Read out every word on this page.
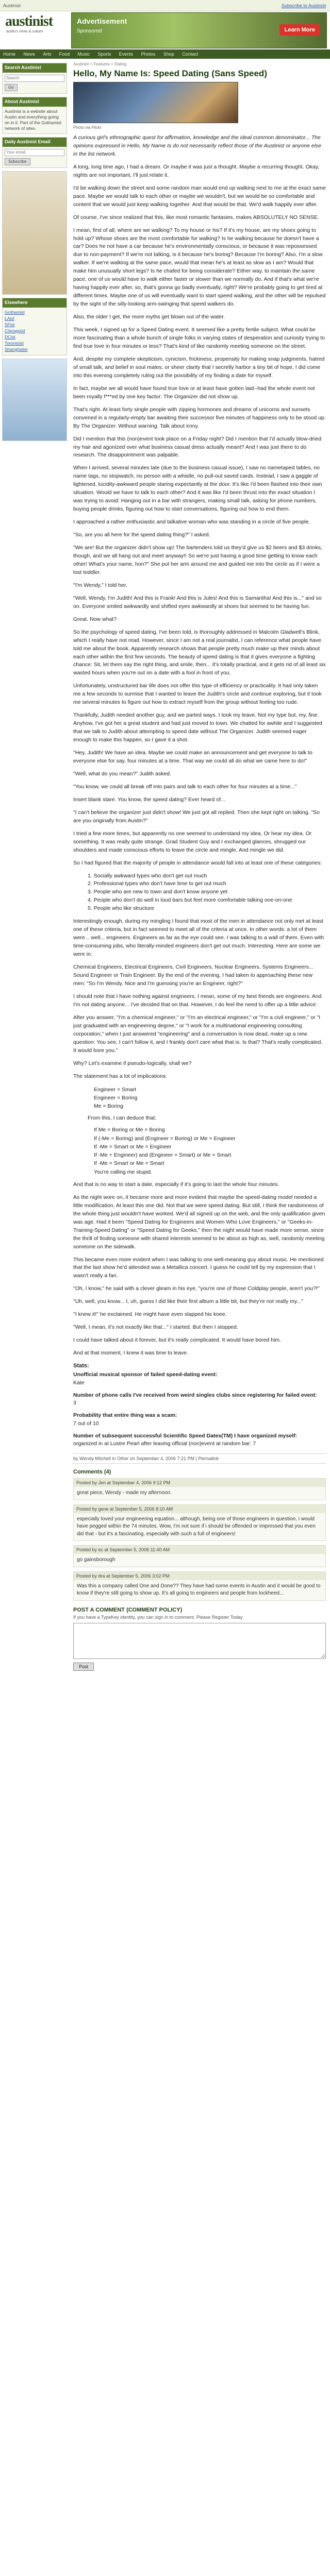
Austinist	Subscribe to Austinist
austinist
austin's news & culture
Advertisement
Sponsored	Learn More
Home News Arts Food Music Sports Events Photos Shop Contact
Search Austinist
Search Go
About Austinist
Austinist is a website about Austin and everything going on in it. Part of the Gothamist network of sites.
Daily Austinist Email
Your email Subscribe
Elsewhere
Gothamist
LAist
SFist
Chicagoist
DCist
Torontoist
Shanghaiist
Austinist > Features > Dating
Hello, My Name Is: Speed Dating (Sans Speed)
Photo via Flickr

A curious girl's ethnographic quest for affirmation, knowledge and the ideal common denominator... The opinions expressed in Hello, My Name Is do not necessarily reflect those of the Austinist or anyone else in the list network.

A long, long time ago, I had a dream. Or maybe it was just a thought. Maybe a recurring thought. Okay, nights are not important, I'll just relate it.

I'd be walking down the street and some random man would end up walking next to me at the exact same pace. Maybe we would talk to each other or maybe we wouldn't, but we would be so comfortable and content that we would just keep walking together. And that would be that. We'd walk happily ever after.

Of course, I've since realized that this, like most romantic fantasies, makes ABSOLUTELY NO SENSE.

I mean, first of all, where are we walking? To my house or his? If it's my house, are my shoes going to hold up? Whose shoes are the most comfortable for walking? Is he walking because he doesn't have a car? Does he not have a car because he's environmentally conscious, or because it was repossessed due to non-payment? If we're not talking, is it because he's boring? Because I'm boring? Also, I'm a slow walker. If we're walking at the same pace, would that mean he's at least as slow as I am? Would that make him unusually short legs? Is he chafed for being considerate? Either way, to maintain the same pace, one of us would have to walk either faster or slower than we normally do. And if that's what we're having happily ever after, so, that's gonna go badly eventually, right? We're probably going to get tired at different times. Maybe one of us will eventually want to start speed walking, and the other will be repulsed by the sight of the silly-looking arm-swinging that speed walkers do.

Also, the older I get, the more myths get blown out of the water.

This week, I signed up for a Speed Dating event. It seemed like a pretty fertile subject. What could be more fascinating than a whole bunch of single folks in varying states of desperation and curiosity trying to find true love in four minutes or less? That's kind of like randomly meeting someone on the street.

And, despite my complete skepticism, cynicism, frickiness, propensity for making snap judgments, hatred of small talk, and belief in soul mates, or sheer clarity that I secretly harbor a tiny bit of hope, I did come into this evening completely ruling out the possibility of my finding a date for myself.

In fact, maybe we all would have found true love or at least have gotten laid--had the whole event not been royally f***ed by one key factor: The Organizer did not show up.

That's right. At least forty single people with zipping hormones and dreams of unicorns and sunsets convened in a regularly-empty bar awaiting their successor five minutes of happiness only to be stood up. By The Organizer. Without warning. Talk about irony.

Did I mention that this (non)event took place on a Friday night? Did I mention that I'd actually blow-dried my hair and agonized over what business casual dress actually meant? And I was just there to do research. The disappointment was palpable.

When I arrived, several minutes late (due to the business casual issue), I saw no nametaped tables, no name tags, no stopwatch, no person with a whistle, no pull-out saved cards. Instead, I saw a gaggle of lightened, lucidity-awkward people staring expectantly at the door. It's like I'd been flashed into their own situation. Would we have to talk to each other? And it was like I'd been thrust into the exact situation I was trying to avoid: Hanging out in a bar with strangers, making small talk, asking for phone numbers, buying people drinks, figuring out how to start conversations, figuring out how to end them.

I approached a rather enthusiastic and talkative woman who was standing in a circle of five people.

"So, are you all here for the speed dating thing?" I asked.

"We are! But the organizer didn't show up! The bartenders told us they'd give us $2 beers and $3 drinks, though, and we all hang out and meet anyway!! So we're just having a good time getting to know each other! What's your name, hon?" She put her arm around me and guided me into the circle as if I were a lost toddler.

"I'm Wendy," I told her.

"Well, Wendy, I'm Judith! And this is Frank! And this is Jules! And this is Samantha! And this is..." and so on. Everyone smiled awkwardly and shifted eyes awkwardly at shoes but seemed to be having fun.

Great. Now what?

So the psychology of speed dating, I've been told, is thoroughly addressed in Malcolm Gladwell's Blink, which I really have not read. However, since I am not a real journalist, I can reference what people have told me about the book. Apparently research shows that people pretty much make up their minds about each other within the first few seconds. The beauty of speed dating is that it gives everyone a fighting chance: Sit, let them say the right thing, and smile, then... It's totally practical, and it gets rid of all least six wasted hours when you're out on a date with a fool in front of you.

Unfortunately, unstructured bar life does not offer this type of efficiency or practicality. It had only taken me a few seconds to surmise that I wanted to leave the Judith's circle and continue exploring, but it took me several minutes to figure out how to extract myself from the group without feeling too rude.

Thankfully, Judith needed another guy, and we parted ways. I took my leave. Not my type but, my, fine. Anyhow, I've got her a great student and had just moved to town. We chatted for awhile and I suggested that we talk to Judith about attempting to speed date without The Organizer. Judith seemed eager enough to make this happen, so I gave it a shot.

"Hey, Judith! We have an idea. Maybe we could make an announcement and get everyone to talk to everyone else for say, four minutes at a time. That way we could all do what we came here to do!"

"Well, what do you mean?" Judith asked.

"You know, we could all break off into pairs and talk to each other for four minutes at a time..."

Insert blank stare. You know, the speed dating? Ever heard of...

"I can't believe the organizer just didn't show! We just got all replied. Then she kept right on talking. "So are you originally from Austin?"

I tried a few more times, but apparently no one seemed to understand my idea. Or hear my idea. Or something. It was really quite strange. Grad Student Guy and I exchanged glances, shrugged our shoulders and made conscious efforts to leave the circle and mingle. And mingle we did.

So I had figured that the majority of people in attendance would fall into at least one of these categories:

1. Socially awkward types who don't get out much
2. Professional types who don't have time to get out much
3. People who are new to town and don't know anyone yet
4. People who don't do well in loud bars but feel more comfortable talking one-on-one
5. People who like structure

Interestingly enough, during my mingling I found that most of the men in attendance not only met at least one of these criteria, but in fact seemed to meet all of the criteria at once. In other words: a lot of them were... well... engineers. Engineers as far as the eye could see. I was talking to a wall of them. Even with time-consuming jobs, who literally-minded engineers don't get out much. Interesting. Here are some we were in:

Chemical Engineers, Electrical Engineers, Civil Engineers, Nuclear Engineers, Systems Engineers... Sound Engineer or Train Engineer. By the end of the evening, I had taken to approaching these new men: "So I'm Wendy. Nice and I'm guessing you're an Engineer, right?"

I should note that I have nothing against engineers. I mean, some of my best friends are engineers. And I'm not dating anyone... I've decided that on that. However, I do feel the need to offer up a little advice:

After you answer, "I'm a chemical engineer," or "I'm an electrical engineer," or "I'm a civil engineer," or "I just graduated with an engineering degree," or "I work for a multinational engineering consulting corporation," when I just answered "engineering" and a conversation is now dead, make up a new question: You see, I can't follow it, and I frankly don't care what that is. Is that? That's really complicated. It would bore you."

Why? Let's examine if pseudo-logically, shall we?

The statement has a lot of implications:

Engineer = Smart
Engineer = Boring
Me = Boring

From this, I can deduce that:

If Me = Boring or Me = Boring
If (-Me = Boring) and (Engineer = Boring) or Me = Engineer
If -Me = Smart or Me = Engineer
If -Me + Engineer) and (Engineer = Smart) or Me = Smart
If -Me = Smart or Me = Smart
You're calling me stupid.

And that is no way to start a date, especially if it's going to last the whole four minutes.

As the night wore on, it became more and more evident that maybe the speed-dating model needed a little modification. At least this one did. Not that we were speed dating. But still, I think the randomness of the whole thing just wouldn't have worked. We'd all signed up on the web, and the only qualification given was age. Had it been "Speed Dating for Engineers and Women Who Love Engineers," or "Geeks-in-Training-Speed Dating" or "Speed Dating for Geeks," then the night would have made more sense, since the thrill of finding someone with shared interests seemed to be about as high as, well, randomly meeting someone on the sidewalk.

This became even more evident when I was talking to one well-meaning guy about music. He mentioned that the last show he'd attended was a Metallica concert. I guess he could tell by my expression that I wasn't really a fan.

"Oh, I know," he said with a clever gleam in his eye, "you're one of those Coldplay people, aren't you?!"

"Uh, well, you know... I, uh, guess I did like their first album a little bit, but they're not really my..."

"I knew it!" he exclaimed. He might have even slapped his knee.

"Well, I mean, it's not exactly like that..." I started. But then I stopped.

I could have talked about it forever, but it's really complicated. It would have bored him.

And at that moment, I knew it was time to leave.

Stats:
Unofficial musical sponsor of failed speed-dating event:
Kate
Number of phone calls I've received from weird singles clubs since registering for failed event:
3
Probability that entire thing was a scam:
7 out of 10
Number of subsequent successful Scientific Speed Dates(TM) I have organized myself:
organized in at Lustre Pearl after leaving official (non)event at random bar: 7
by Wendy Mitchell in Other on September 4, 2006 7:21 PM | Permalink
Comments (4)
Posted by Jen at September 4, 2006 9:12 PM
great piece, Wendy - made my afternoon.
Posted by gene at September 5, 2006 8:10 AM
especially loved your engineering equation... although, being one of those engineers in question, i would have pegged within the 74 minutes. Wow, I'm not sure if i should be offended or impressed that you even did that - but it's a fascinating, especially with such a full of engineers!
Posted by ec at September 5, 2006 11:40 AM
go gainsborough
Posted by dra at September 5, 2006 3:02 PM
Was this a company called One and Done?? They have had some events in Austin and it would be good to know if they're still going to show up. It's all going to engineers and people from lockheed...
POST A COMMENT (COMMENT POLICY)
If you have a TypeKey identity, you can sign in to comment. Please Register Today
Post
